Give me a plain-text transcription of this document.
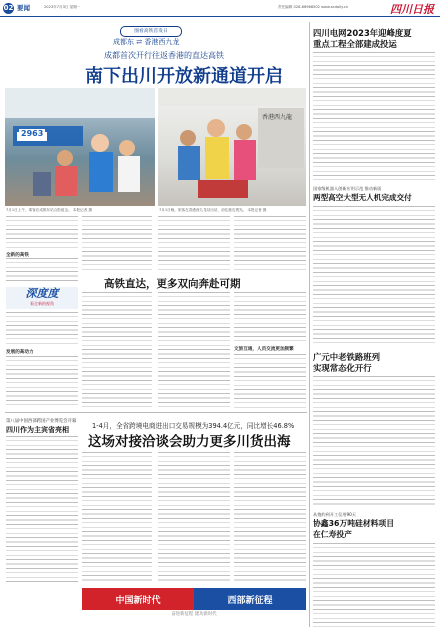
02 要闻	2023年7月3日 星期一	责任编辑 028-86968502 www.scdaily.cn	四川日报
图看高铁首发日
成都东 ⇄ 香港西九龙
成都首次开行往返香港的直达高铁
南下出川开放新通道开启
2963
香港西九龍
7月1日上午，乘客在成都东站合影留念。 本报记者 摄	7月1日晚，旅客在香港西九龙站出站，前往港岛观光。 本报记者 摄
全新的高铁
深度度
看全新的视角
发展的高动力
高铁直达，更多双向奔赴可期
文旅互通，人员交流更加频繁
第八届中国西部跨国产业博览会开幕
四川作为主宾省亮相	1-4月，全省跨境电商进出口交易规模为394.4亿元，同比增长46.8%
这场对接洽谈会助力更多川货出海
中国新时代	西部新征程
奋进新征程 建功新时代
四川电网2023年迎峰度夏
重点工程全部建成投运
国家级机器人创新应用示范 推动新质
两型高空大型无人机完成交付
广元中老铁路班列
实现常态化开行
从签约到开工仅用90天
协鑫36万吨硅材料项目
在仁寿投产
